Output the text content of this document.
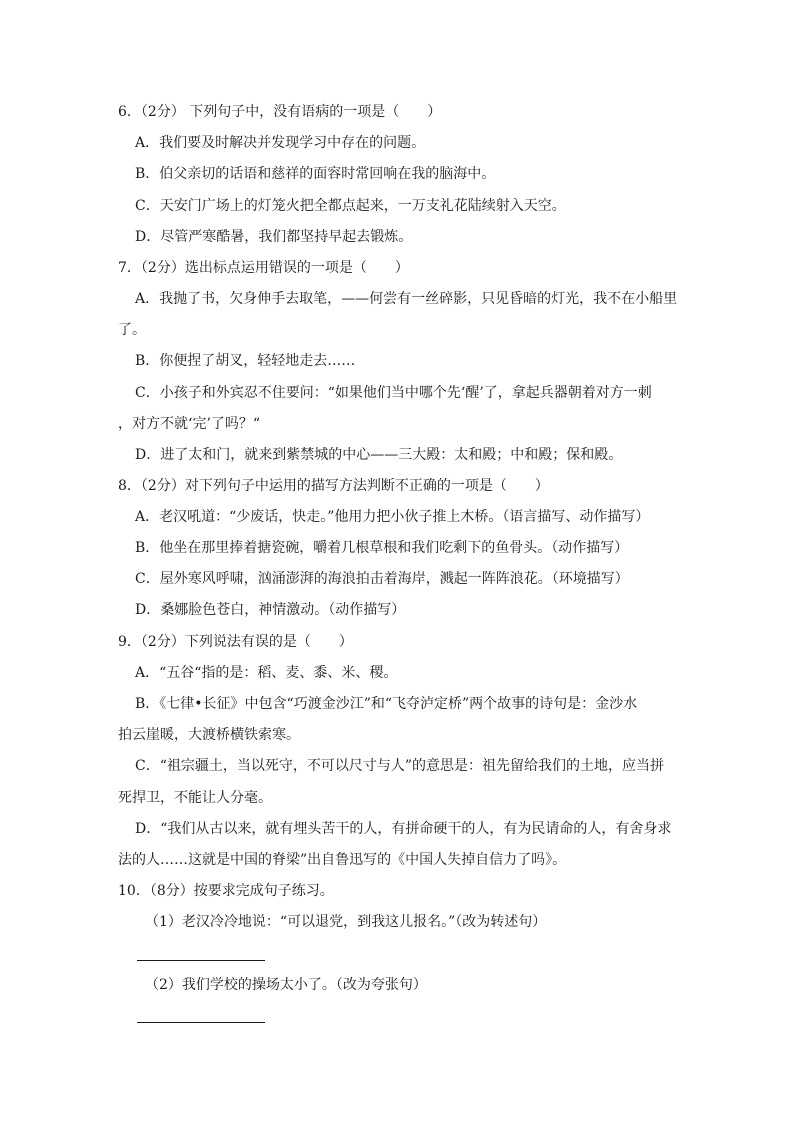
6．（2分） 下列句子中，没有语病的一项是（　　）
A．我们要及时解决并发现学习中存在的问题。
B．伯父亲切的话语和慈祥的面容时常回响在我的脑海中。
C．天安门广场上的灯笼火把全都点起来，一万支礼花陆续射入天空。
D．尽管严寒酷暑，我们都坚持早起去锻炼。
7．（2分）选出标点运用错误的一项是（　　）
A．我抛了书，欠身伸手去取笔，——何尝有一丝碎影，只见昏暗的灯光，我不在小船里
了。
B．你便捏了胡叉，轻轻地走去……
C．小孩子和外宾忍不住要问：“如果他们当中哪个先‘醒’了，拿起兵器朝着对方一刺
，对方不就‘完’了吗？“
D．进了太和门，就来到紫禁城的中心——三大殿：太和殿；中和殿；保和殿。
8．（2分）对下列句子中运用的描写方法判断不正确的一项是（　　）
A．老汉吼道：“少废话，快走。”他用力把小伙子推上木桥。（语言描写、动作描写）
B．他坐在那里捧着搪瓷碗，嚼着几根草根和我们吃剩下的鱼骨头。（动作描写）
C．屋外寒风呼啸，汹涌澎湃的海浪拍击着海岸，溅起一阵阵浪花。（环境描写）
D．桑娜脸色苍白，神情激动。（动作描写）
9．（2分）下列说法有误的是（　　）
A．“五谷“指的是：稻、麦、黍、米、稷。
B．《七律•长征》中包含“巧渡金沙江”和“飞夺泸定桥”两个故事的诗句是：金沙水
拍云崖暖，大渡桥横铁索寒。
C．“祖宗疆土，当以死守，不可以尺寸与人”的意思是：祖先留给我们的土地，应当拼
死捍卫，不能让人分毫。
D．“我们从古以来，就有埋头苦干的人，有拼命硬干的人，有为民请命的人，有舍身求
法的人……这就是中国的脊梁”出自鲁迅写的《中国人失掉自信力了吗》。
10．（8分）按要求完成句子练习。
（1）老汉冷冷地说：“可以退党，到我这儿报名。”（改为转述句）
（2）我们学校的操场太小了。（改为夸张句）
